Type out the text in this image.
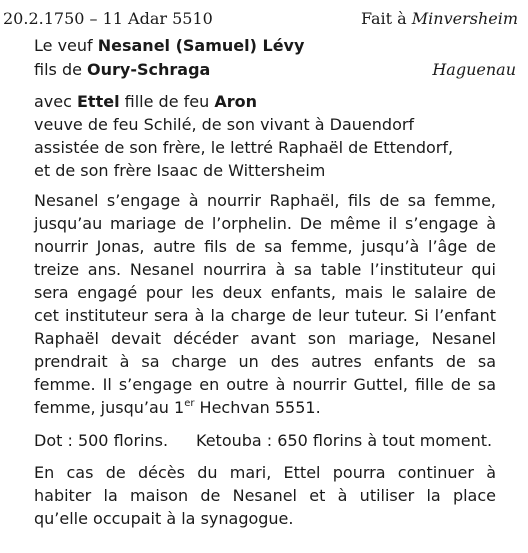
20.2.1750 – 11 Adar 5510	Fait à Minversheim
Le veuf Nesanel (Samuel) Lévy
fils de Oury-Schraga	Haguenau
avec Ettel fille de feu Aron
veuve de feu Schilé, de son vivant à Dauendorf
assistée de son frère, le lettré Raphaël de Ettendorf,
et de son frère Isaac de Wittersheim
Nesanel s’engage à nourrir Raphaël, fils de sa femme,
jusqu’au mariage de l’orphelin. De même il s’engage à
nourrir Jonas, autre fils de sa femme, jusqu’à l’âge de
treize ans. Nesanel nourrira à sa table l’instituteur qui
sera engagé pour les deux enfants, mais le salaire de
cet instituteur sera à la charge de leur tuteur. Si l’enfant
Raphaël devait décéder avant son mariage, Nesanel
prendrait à sa charge un des autres enfants de sa
femme. Il s’engage en outre à nourrir Guttel, fille de sa
femme, jusqu’au 1er Hechvan 5551.
Dot : 500 florins. Ketouba : 650 florins à tout moment.
En cas de décès du mari, Ettel pourra continuer à
habiter la maison de Nesanel et à utiliser la place
qu’elle occupait à la synagogue.
